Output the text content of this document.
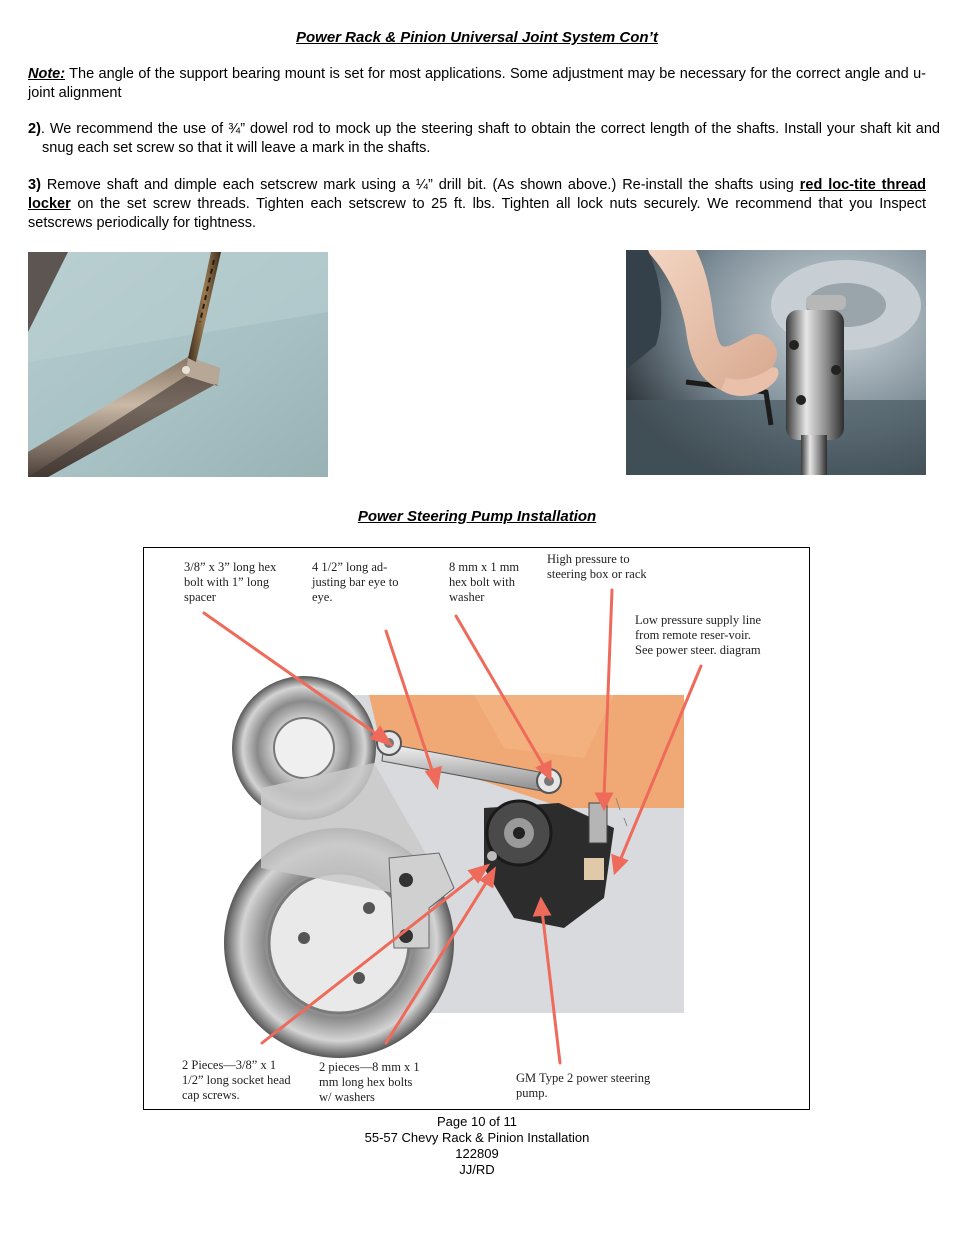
Power Rack & Pinion Universal Joint System Con’t
Note: The angle of the support bearing mount is set for most applications. Some adjustment may be necessary for the correct angle and u-joint alignment
2). We recommend the use of ¾” dowel rod to mock up the steering shaft to obtain the correct length of the shafts. Install your shaft kit and snug each set screw so that it will leave a mark in the shafts.
3) Remove shaft and dimple each setscrew mark using a ¼” drill bit. (As shown above.) Re-install the shafts using red loc-tite thread locker on the set screw threads. Tighten each setscrew to 25 ft. lbs. Tighten all lock nuts securely. We recommend that you Inspect setscrews periodically for tightness.
Power Steering Pump Installation
3/8” x 3” long hex bolt with 1” long spacer
4 1/2” long ad-justing bar eye to eye.
8 mm x 1 mm hex bolt with washer
High pressure to steering box or rack
Low pressure supply line from remote reser-voir. See power steer. diagram
2 Pieces—3/8” x 1 1/2” long socket head cap screws.
2 pieces—8 mm x 1 mm long hex bolts w/ washers
GM Type 2 power steering pump.
Page 10 of 11
55-57 Chevy Rack & Pinion Installation
122809
JJ/RD
